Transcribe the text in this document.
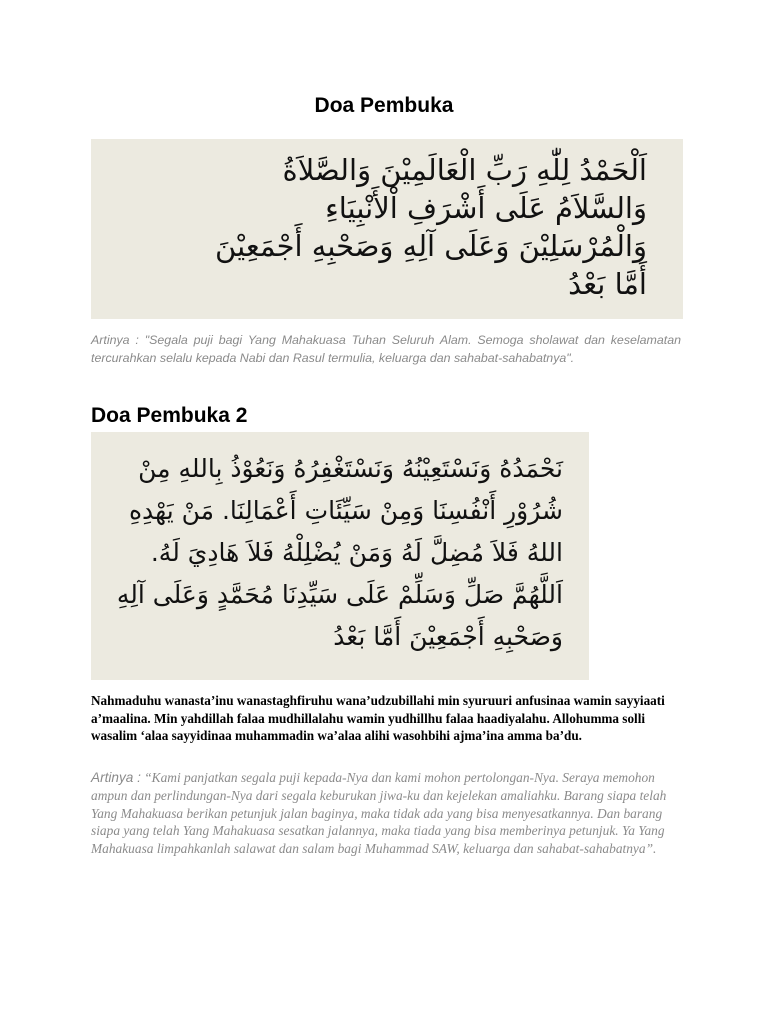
Doa Pembuka
اَلْحَمْدُ لِلّٰهِ رَبِّ الْعَالَمِيْنَ وَالصَّلاَةُ
وَالسَّلاَمُ عَلَى أَشْرَفِ اْلأَنْبِيَاءِ
وَالْمُرْسَلِيْنَ وَعَلَى آلِهِ وَصَحْبِهِ أَجْمَعِيْنَ
أَمَّا بَعْدُ

Artinya : "Segala puji bagi Yang Mahakuasa Tuhan Seluruh Alam. Semoga sholawat dan keselamatan tercurahkan selalu kepada Nabi dan Rasul termulia, keluarga dan sahabat-sahabatnya".

Doa Pembuka 2
نَحْمَدُهُ وَنَسْتَعِيْنُهُ وَنَسْتَغْفِرُهُ وَنَعُوْذُ بِاللهِ مِنْ
شُرُوْرِ أَنْفُسِنَا وَمِنْ سَيِّئَاتِ أَعْمَالِنَا. مَنْ يَهْدِهِ
اللهُ فَلاَ مُضِلَّ لَهُ وَمَنْ يُضْلِلْهُ فَلاَ هَادِيَ لَهُ.
اَللَّهُمَّ صَلِّ وَسَلِّمْ عَلَى سَيِّدِنَا مُحَمَّدٍ وَعَلَى آلِهِ
وَصَحْبِهِ أَجْمَعِيْنَ أَمَّا بَعْدُ

Nahmaduhu wanasta’inu wanastaghfiruhu wana’udzubillahi min syuruuri anfusinaa wamin sayyiaati a’maalina. Min yahdillah falaa mudhillalahu wamin yudhillhu falaa haadiyalahu. Allohumma solli wasalim ‘alaa sayyidinaa muhammadin wa’alaa alihi wasohbihi ajma’ina amma ba’du.

Artinya : “Kami panjatkan segala puji kepada-Nya dan kami mohon pertolongan-Nya. Seraya memohon ampun dan perlindungan-Nya dari segala keburukan jiwa-ku dan kejelekan amaliahku. Barang siapa telah Yang Mahakuasa berikan petunjuk jalan baginya, maka tidak ada yang bisa menyesatkannya. Dan barang siapa yang telah Yang Mahakuasa sesatkan jalannya, maka tiada yang bisa memberinya petunjuk. Ya Yang Mahakuasa limpahkanlah salawat dan salam bagi Muhammad SAW, keluarga dan sahabat-sahabatnya”.
